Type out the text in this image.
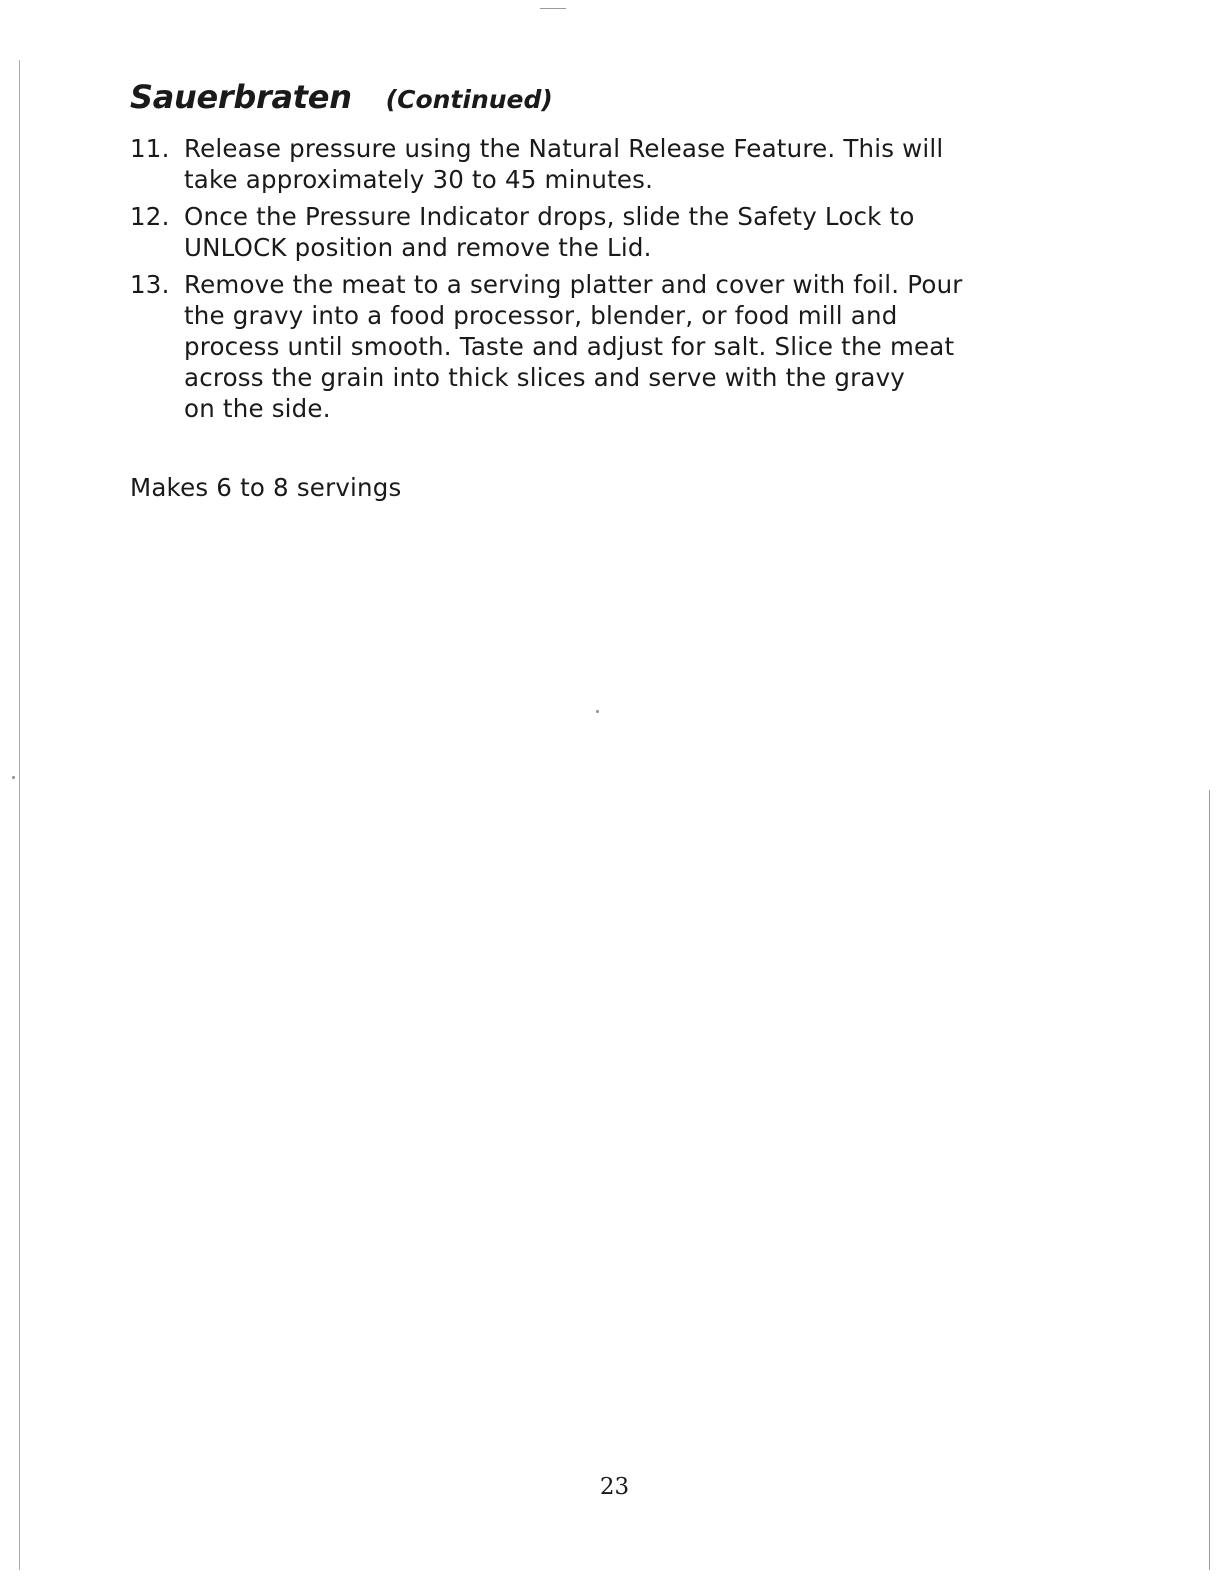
Sauerbraten (Continued)
11. Release pressure using the Natural Release Feature. This will
take approximately 30 to 45 minutes.
12. Once the Pressure Indicator drops, slide the Safety Lock to
UNLOCK position and remove the Lid.
13. Remove the meat to a serving platter and cover with foil. Pour
the gravy into a food processor, blender, or food mill and
process until smooth. Taste and adjust for salt. Slice the meat
across the grain into thick slices and serve with the gravy
on the side.
Makes 6 to 8 servings
23
